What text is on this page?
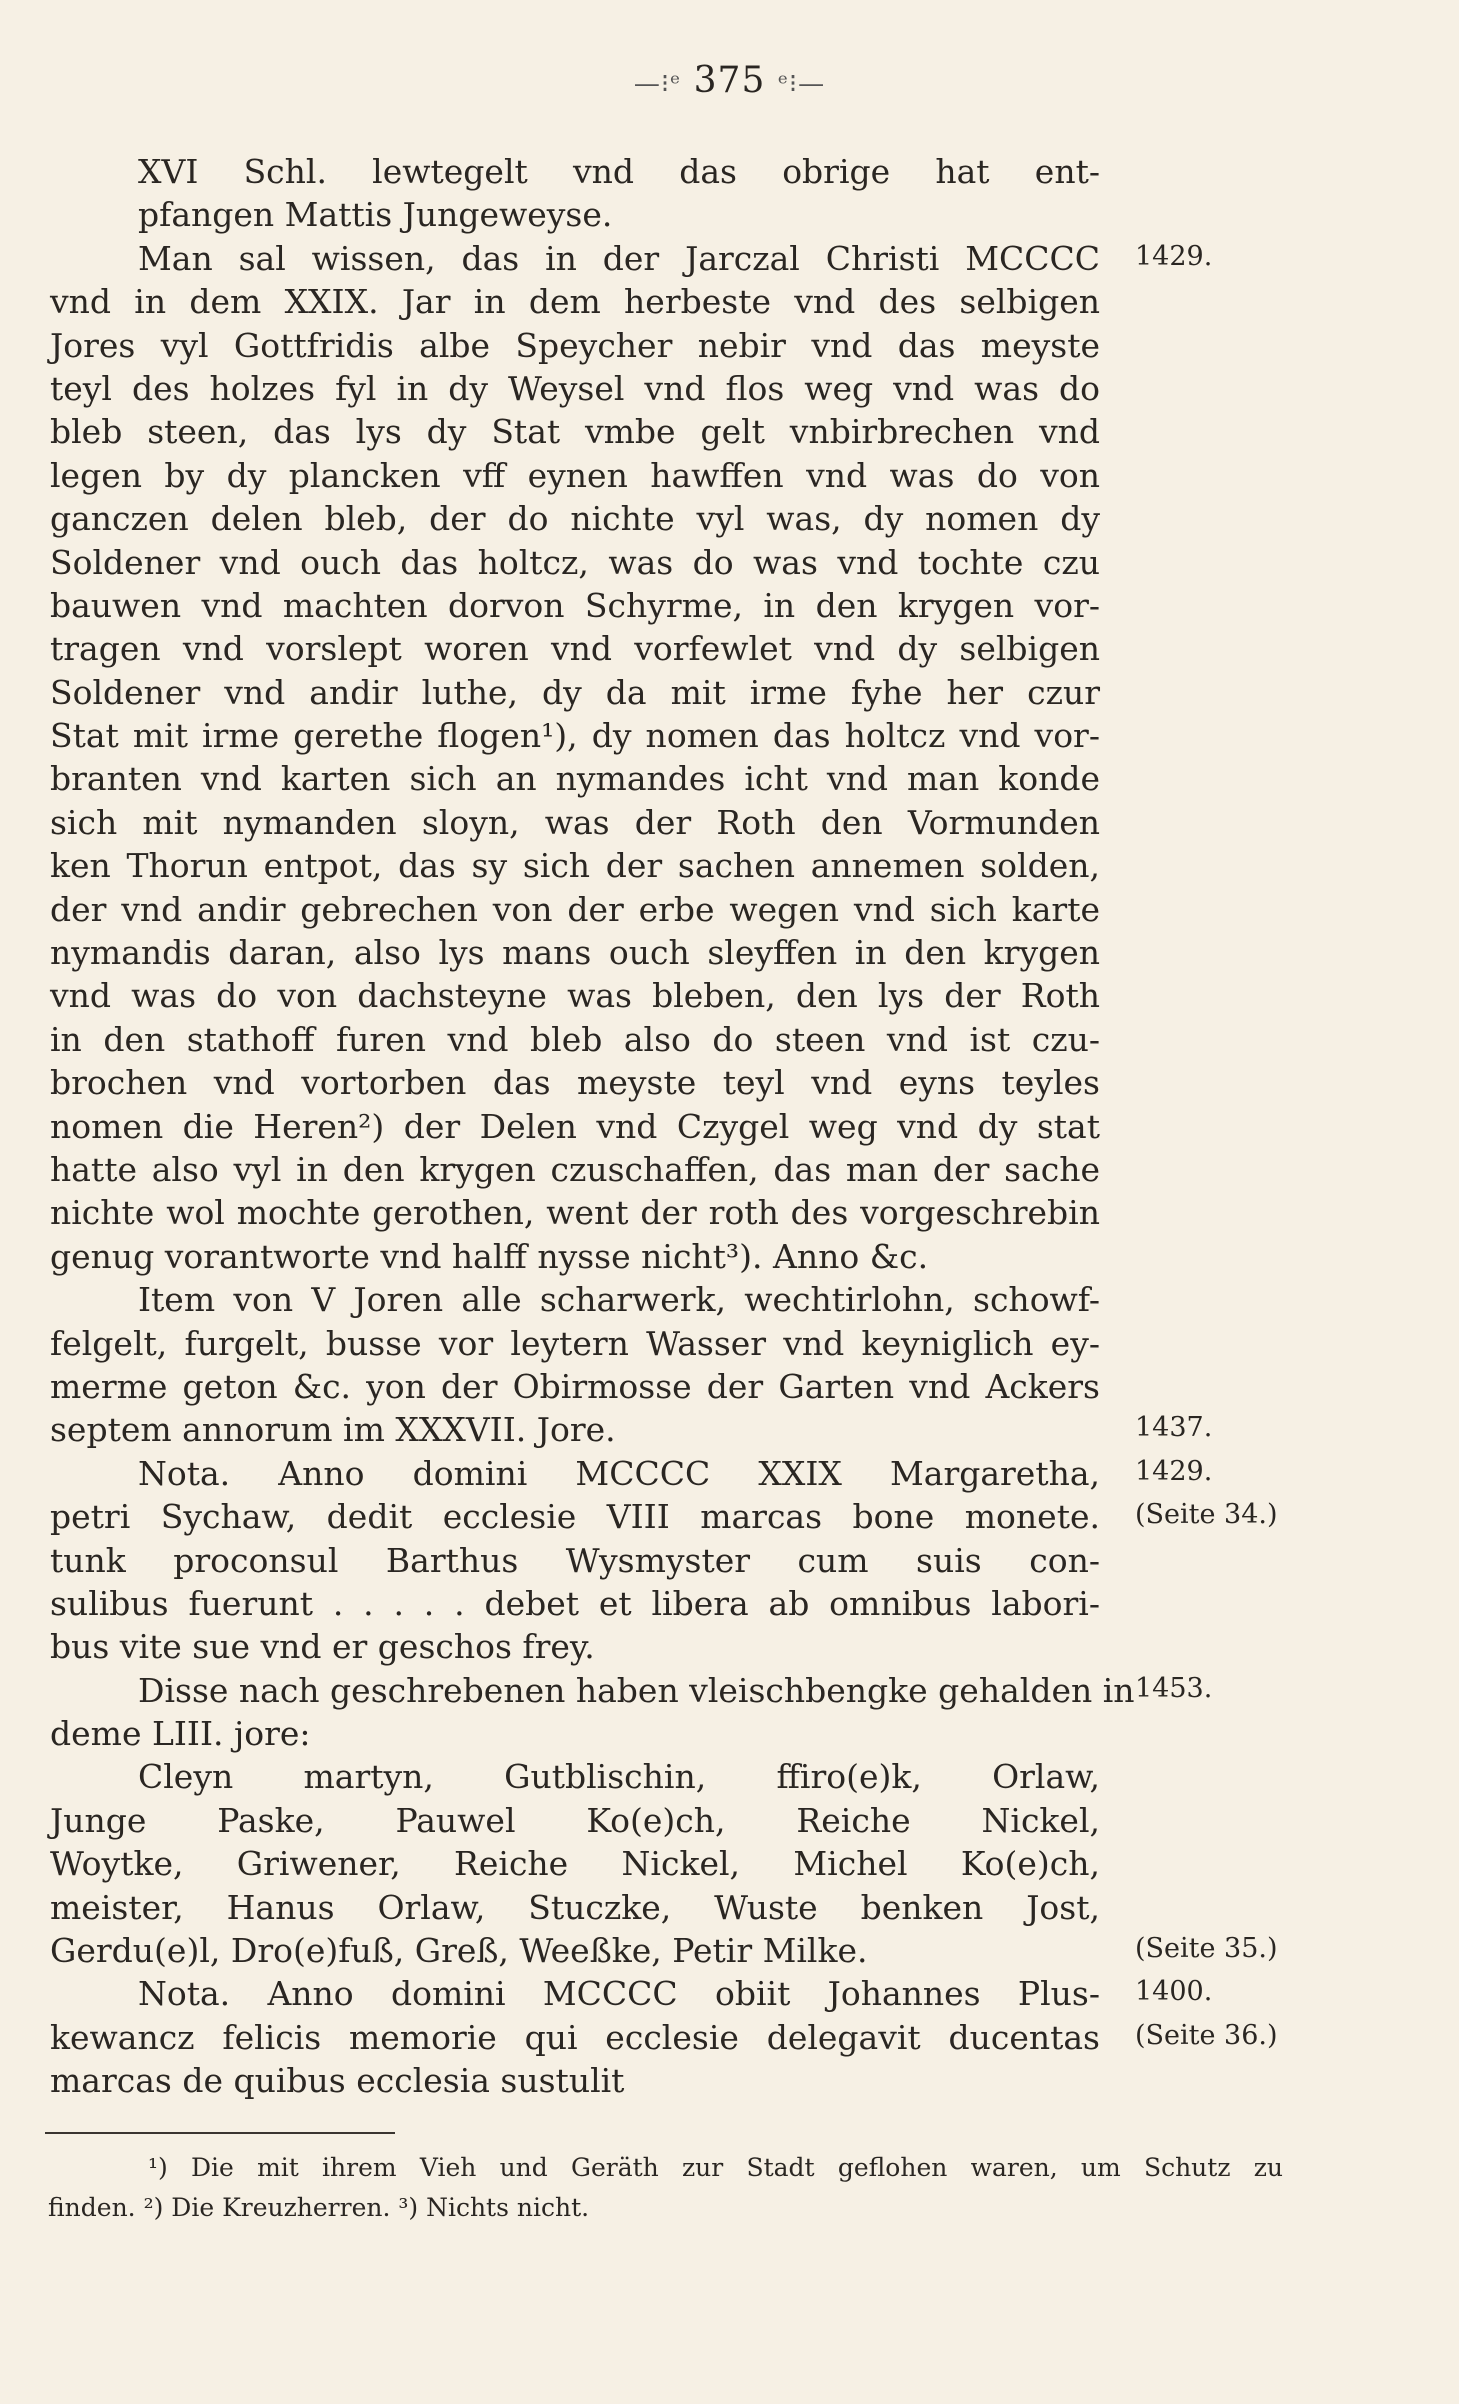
—⁝ᵉ 375 ᵉ⁝—
XVI Schl. lewtegelt vnd das obrige hat ent-
pfangen Mattis Jungeweyse.
Man sal wissen, das in der Jarczal Christi MCCCC 1429.
vnd in dem XXIX. Jar in dem herbeste vnd des selbigen
Jores vyl Gottfridis albe Speycher nebir vnd das meyste
teyl des holzes fyl in dy Weysel vnd flos weg vnd was do
bleb steen, das lys dy Stat vmbe gelt vnbirbrechen vnd
legen by dy plancken vff eynen hawffen vnd was do von
ganczen delen bleb, der do nichte vyl was, dy nomen dy
Soldener vnd ouch das holtcz, was do was vnd tochte czu
bauwen vnd machten dorvon Schyrme, in den krygen vor-
tragen vnd vorslept woren vnd vorfewlet vnd dy selbigen
Soldener vnd andir luthe, dy da mit irme fyhe her czur
Stat mit irme gerethe flogen¹), dy nomen das holtcz vnd vor-
branten vnd karten sich an nymandes icht vnd man konde
sich mit nymanden sloyn, was der Roth den Vormunden
ken Thorun entpot, das sy sich der sachen annemen solden,
der vnd andir gebrechen von der erbe wegen vnd sich karte
nymandis daran, also lys mans ouch sleyffen in den krygen
vnd was do von dachsteyne was bleben, den lys der Roth
in den stathoff furen vnd bleb also do steen vnd ist czu-
brochen vnd vortorben das meyste teyl vnd eyns teyles
nomen die Heren²) der Delen vnd Czygel weg vnd dy stat
hatte also vyl in den krygen czuschaffen, das man der sache
nichte wol mochte gerothen, went der roth des vorgeschrebin
genug vorantworte vnd halff nysse nicht³). Anno &c.
Item von V Joren alle scharwerk, wechtirlohn, schowf-
felgelt, furgelt, busse vor leytern Wasser vnd keyniglich ey-
merme geton &c. yon der Obirmosse der Garten vnd Ackers
septem annorum im XXXVII. Jore.	1437.
Nota. Anno domini MCCCC XXIX Margaretha, 1429.
petri Sychaw, dedit ecclesie VIII marcas bone monete. (Seite 34.)
tunk proconsul Barthus Wysmyster cum suis con-
sulibus fuerunt . . . . . debet et libera ab omnibus labori-
bus vite sue vnd er geschos frey.
Disse nach geschrebenen haben vleischbengke gehalden in 1453.
deme LIII. jore:
Cleyn martyn, Gutblischin, ffiro(e)k, Orlaw,
Junge Paske, Pauwel Ko(e)ch, Reiche Nickel,
Woytke, Griwener, Reiche Nickel, Michel Ko(e)ch,
meister, Hanus Orlaw, Stuczke, Wuste benken Jost,
Gerdu(e)l, Dro(e)fuß, Greß, Weeßke, Petir Milke.	(Seite 35.)
Nota. Anno domini MCCCC obiit Johannes Plus- 1400.
kewancz felicis memorie qui ecclesie delegavit ducentas (Seite 36.)
marcas de quibus ecclesia sustulit
¹) Die mit ihrem Vieh und Geräth zur Stadt geflohen waren, um Schutz zu
finden. ²) Die Kreuzherren. ³) Nichts nicht.
